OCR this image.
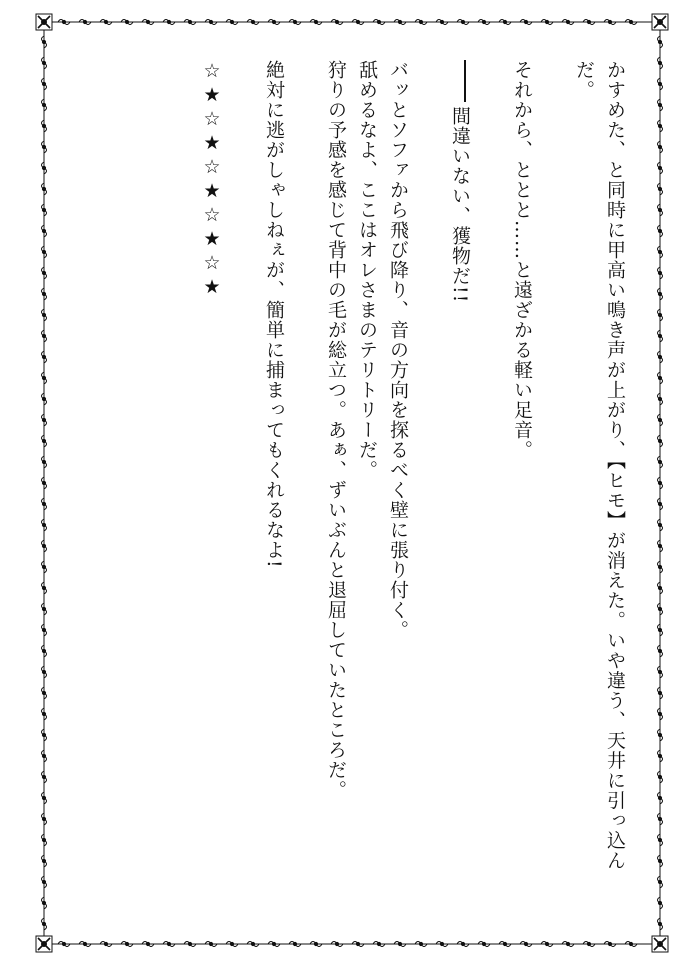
かすめた、と同時に甲高い鳴き声が上がり、【ヒモ】が消えた。いや違う、天井に引っ込ん

だ。

それから、ととと……と遠ざかる軽い足音。

間違いない、獲物だ!!

バッとソファから飛び降り、音の方向を探るべく壁に張り付く。

舐めるなよ、ここはオレさまのテリトリーだ。

狩りの予感を感じて背中の毛が総立つ。あぁ、ずいぶんと退屈していたところだ。

絶対に逃がしゃしねぇが、簡単に捕まってもくれるなよ!

☆★☆★☆★☆★☆★
